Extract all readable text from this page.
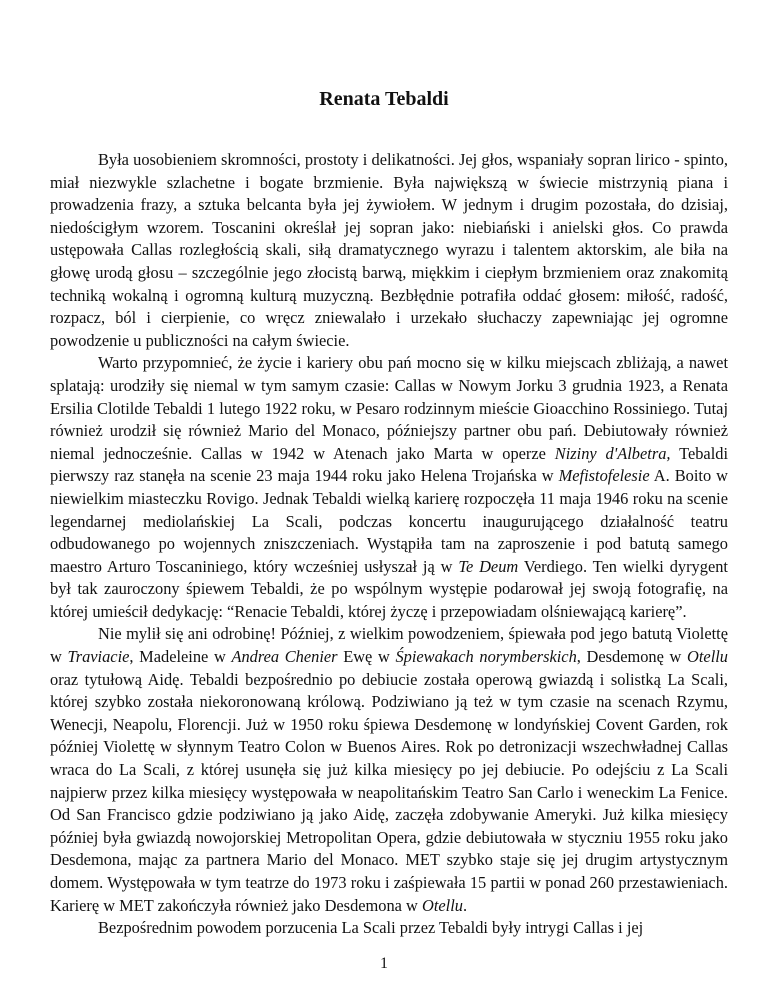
Renata Tebaldi

Była uosobieniem skromności, prostoty i delikatności. Jej głos, wspaniały sopran lirico - spinto, miał niezwykle szlachetne i bogate brzmienie. Była największą w świecie mistrzynią piana i prowadzenia frazy, a sztuka belcanta była jej żywiołem. W jednym i drugim pozostała, do dzisiaj, niedościgłym wzorem. Toscanini określał jej sopran jako: niebiański i anielski głos. Co prawda ustępowała Callas rozległością skali, siłą dramatycznego wyrazu i talentem aktorskim, ale biła na głowę urodą głosu – szczególnie jego złocistą barwą, miękkim i ciepłym brzmieniem oraz znakomitą techniką wokalną i ogromną kulturą muzyczną. Bezbłędnie potrafiła oddać głosem: miłość, radość, rozpacz, ból i cierpienie, co wręcz zniewalało i urzekało słuchaczy zapewniając jej ogromne powodzenie u publiczności na całym świecie.

Warto przypomnieć, że życie i kariery obu pań mocno się w kilku miejscach zbliżają, a nawet splatają: urodziły się niemal w tym samym czasie: Callas w Nowym Jorku 3 grudnia 1923, a Renata Ersilia Clotilde Tebaldi 1 lutego 1922 roku, w Pesaro rodzinnym mieście Gioacchino Rossiniego. Tutaj również urodził się również Mario del Monaco, późniejszy partner obu pań. Debiutowały również niemal jednocześnie. Callas w 1942 w Atenach jako Marta w operze Niziny d'Albetra, Tebaldi pierwszy raz stanęła na scenie 23 maja 1944 roku jako Helena Trojańska w Mefistofelesie A. Boito w niewielkim miasteczku Rovigo. Jednak Tebaldi wielką karierę rozpoczęła 11 maja 1946 roku na scenie legendarnej mediolańskiej La Scali, podczas koncertu inaugurującego działalność teatru odbudowanego po wojennych zniszczeniach. Wystąpiła tam na zaproszenie i pod batutą samego maestro Arturo Toscaniniego, który wcześniej usłyszał ją w Te Deum Verdiego. Ten wielki dyrygent był tak zauroczony śpiewem Tebaldi, że po wspólnym występie podarował jej swoją fotografię, na której umieścił dedykację: “Renacie Tebaldi, której życzę i przepowiadam olśniewającą karierę”.

Nie mylił się ani odrobinę! Później, z wielkim powodzeniem, śpiewała pod jego batutą Violettę w Traviacie, Madeleine w Andrea Chenier Ewę w Śpiewakach norymberskich, Desdemonę w Otellu oraz tytułową Aidę. Tebaldi bezpośrednio po debiucie została operową gwiazdą i solistką La Scali, której szybko została niekoronowaną królową. Podziwiano ją też w tym czasie na scenach Rzymu, Wenecji, Neapolu, Florencji. Już w 1950 roku śpiewa Desdemonę w londyńskiej Covent Garden, rok później Violettę w słynnym Teatro Colon w Buenos Aires. Rok po detronizacji wszechwładnej Callas wraca do La Scali, z której usunęła się już kilka miesięcy po jej debiucie. Po odejściu z La Scali najpierw przez kilka miesięcy występowała w neapolitańskim Teatro San Carlo i weneckim La Fenice. Od San Francisco gdzie podziwiano ją jako Aidę, zaczęła zdobywanie Ameryki. Już kilka miesięcy później była gwiazdą nowojorskiej Metropolitan Opera, gdzie debiutowała w styczniu 1955 roku jako Desdemona, mając za partnera Mario del Monaco. MET szybko staje się jej drugim artystycznym domem. Występowała w tym teatrze do 1973 roku i zaśpiewała 15 partii w ponad 260 przestawieniach. Karierę w MET zakończyła również jako Desdemona w Otellu.

Bezpośrednim powodem porzucenia La Scali przez Tebaldi były intrygi Callas i jej

1
